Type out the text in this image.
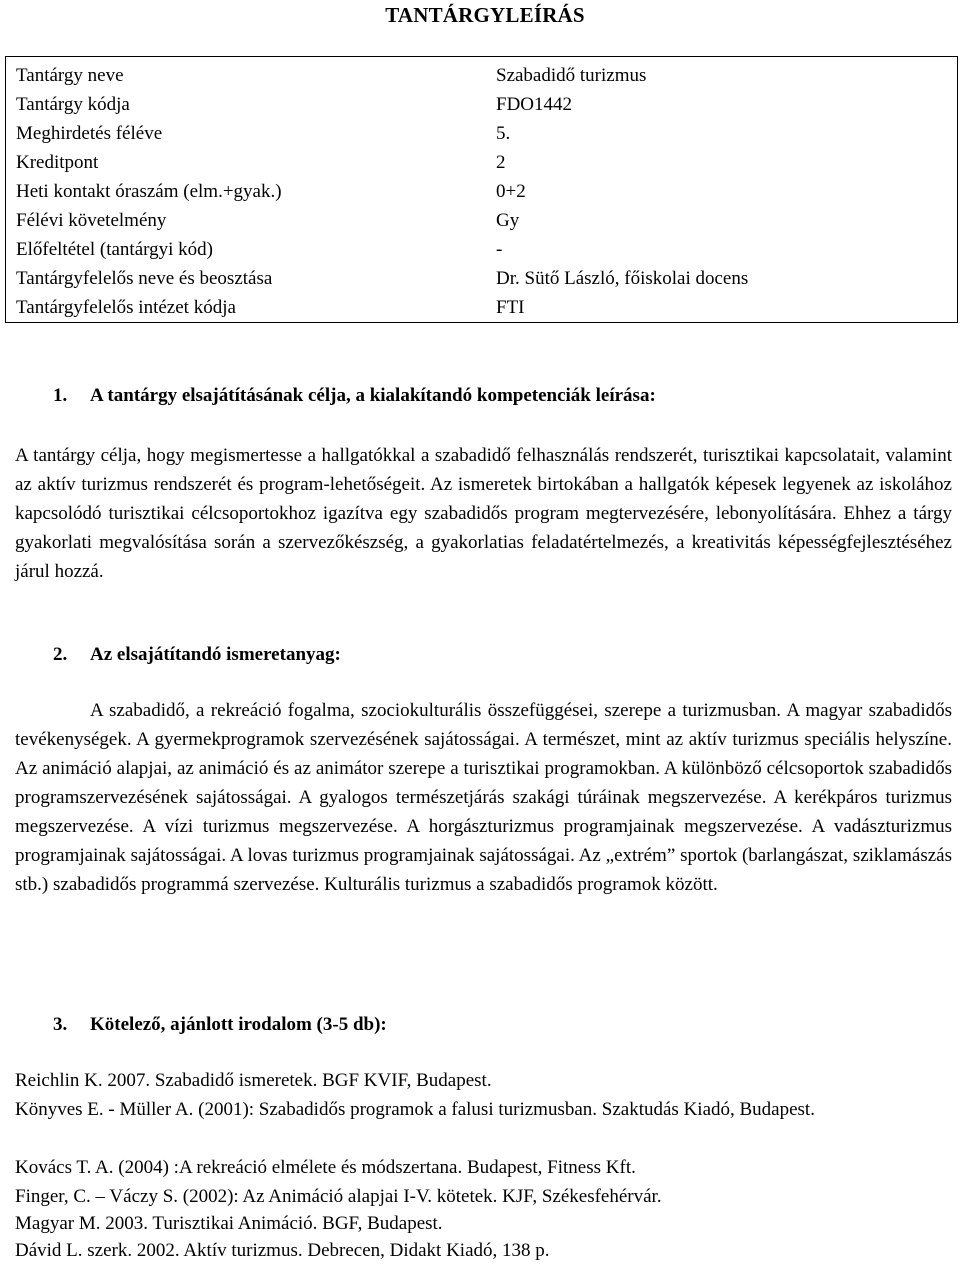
TANTÁRGYLEÍRÁS
Tantárgy neve	Szabadidő turizmus
Tantárgy kódja	FDO1442
Meghirdetés féléve	5.
Kreditpont	2
Heti kontakt óraszám (elm.+gyak.)	0+2
Félévi követelmény	Gy
Előfeltétel (tantárgyi kód)	-
Tantárgyfelelős neve és beosztása	Dr. Sütő László, főiskolai docens
Tantárgyfelelős intézet kódja	FTI
1. A tantárgy elsajátításának célja, a kialakítandó kompetenciák leírása:
A tantárgy célja, hogy megismertesse a hallgatókkal a szabadidő felhasználás rendszerét, turisztikai kapcsolatait, valamint az aktív turizmus rendszerét és program-lehetőségeit. Az ismeretek birtokában a hallgatók képesek legyenek az iskolához kapcsolódó turisztikai célcsoportokhoz igazítva egy szabadidős program megtervezésére, lebonyolítására. Ehhez a tárgy gyakorlati megvalósítása során a szervezőkészség, a gyakorlatias feladatértelmezés, a kreativitás képességfejlesztéséhez járul hozzá.
2. Az elsajátítandó ismeretanyag:
A szabadidő, a rekreáció fogalma, szociokulturális összefüggései, szerepe a turizmusban. A magyar szabadidős tevékenységek. A gyermekprogramok szervezésének sajátosságai. A természet, mint az aktív turizmus speciális helyszíne. Az animáció alapjai, az animáció és az animátor szerepe a turisztikai programokban. A különböző célcsoportok szabadidős programszervezésének sajátosságai. A gyalogos természetjárás szakági túráinak megszervezése. A kerékpáros turizmus megszervezése. A vízi turizmus megszervezése. A horgászturizmus programjainak megszervezése. A vadászturizmus programjainak sajátosságai. A lovas turizmus programjainak sajátosságai. Az „extrém” sportok (barlangászat, sziklamászás stb.) szabadidős programmá szervezése. Kulturális turizmus a szabadidős programok között.
3. Kötelező, ajánlott irodalom (3-5 db):
Reichlin K. 2007. Szabadidő ismeretek. BGF KVIF, Budapest.
Könyves E. - Müller A. (2001): Szabadidős programok a falusi turizmusban. Szaktudás Kiadó, Budapest.
Kovács T. A. (2004) :A rekreáció elmélete és módszertana. Budapest, Fitness Kft.
Finger, C. – Váczy S. (2002): Az Animáció alapjai I-V. kötetek. KJF, Székesfehérvár.
Magyar M. 2003. Turisztikai Animáció. BGF, Budapest.
Dávid L. szerk. 2002. Aktív turizmus. Debrecen, Didakt Kiadó, 138 p.
